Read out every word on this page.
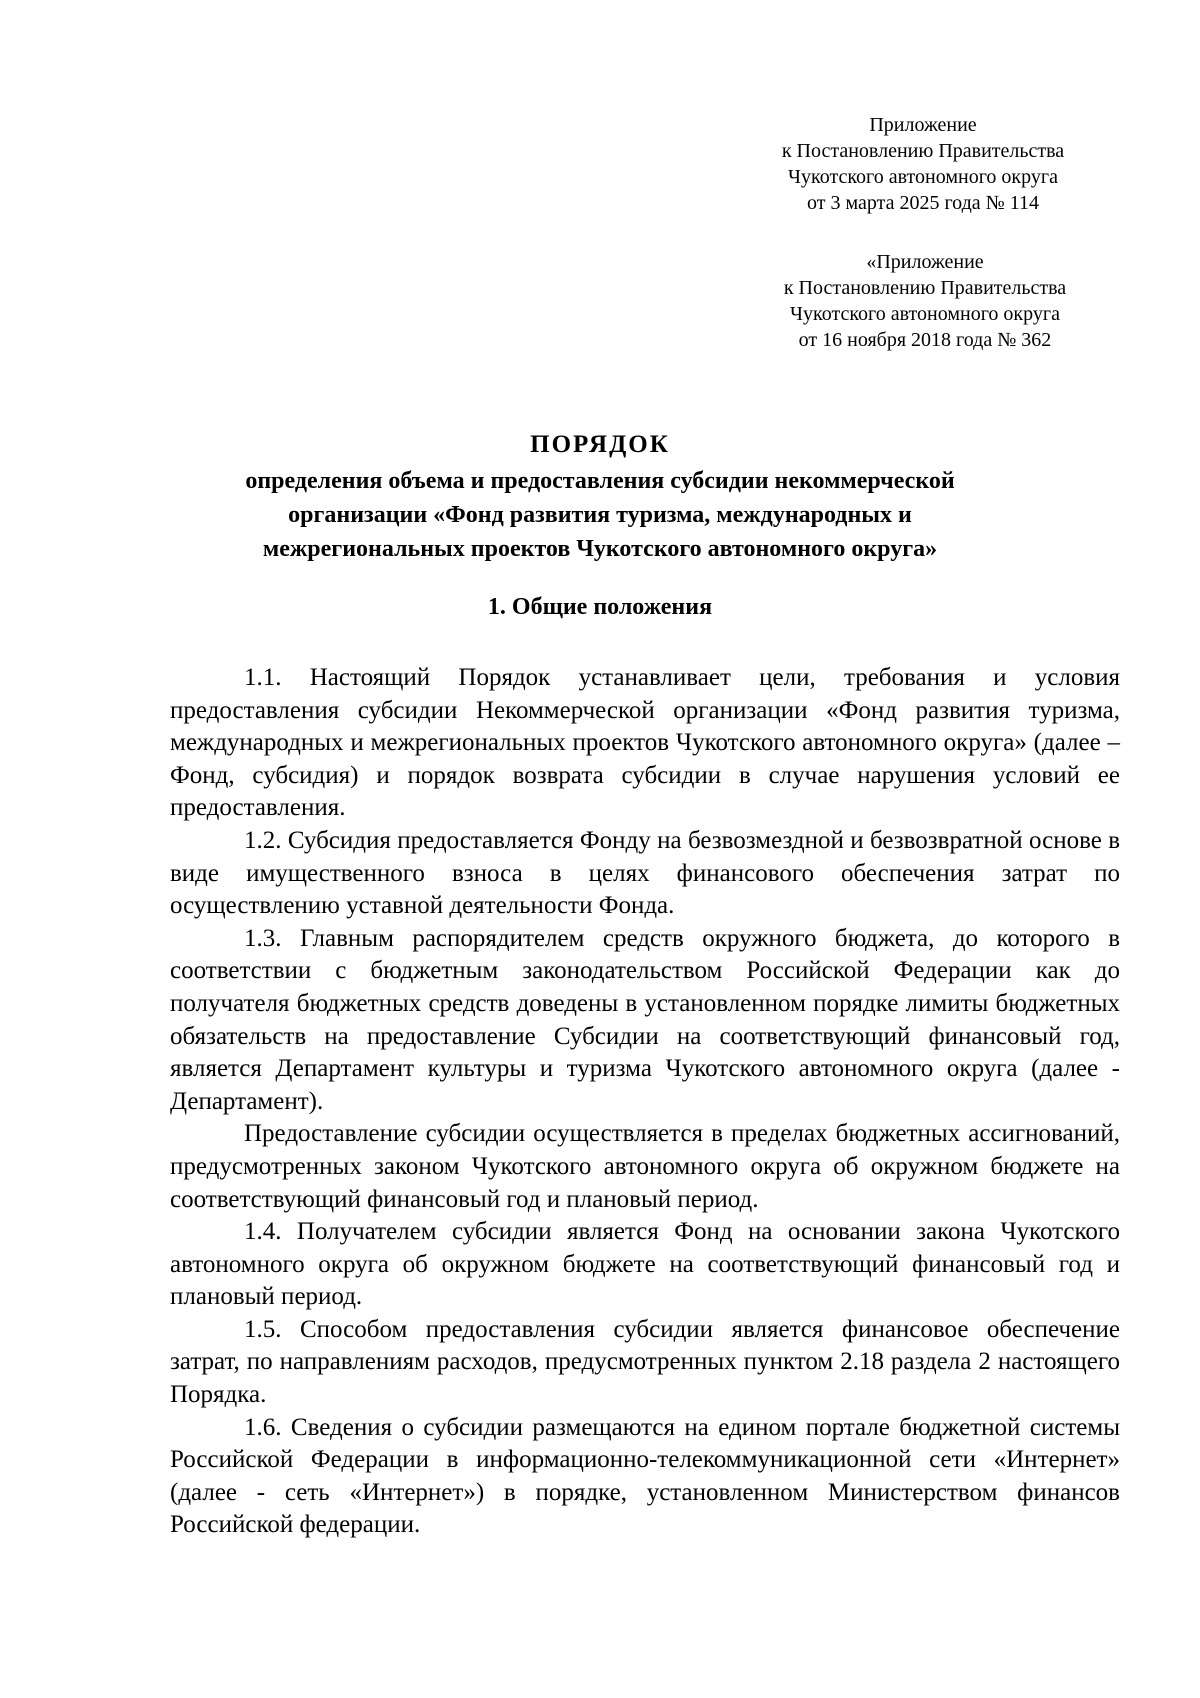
Приложение
к Постановлению Правительства
Чукотского автономного округа
от 3 марта 2025 года № 114
«Приложение
к Постановлению Правительства
Чукотского автономного округа
от 16 ноября 2018 года № 362
ПОРЯДОК
определения объема и предоставления субсидии некоммерческой
организации «Фонд развития туризма, международных и
межрегиональных проектов Чукотского автономного округа»
1. Общие положения

1.1. Настоящий Порядок устанавливает цели, требования и условия предоставления субсидии Некоммерческой организации «Фонд развития туризма, международных и межрегиональных проектов Чукотского автономного округа» (далее – Фонд, субсидия) и порядок возврата субсидии в случае нарушения условий ее предоставления.

1.2. Субсидия предоставляется Фонду на безвозмездной и безвозвратной основе в виде имущественного взноса в целях финансового обеспечения затрат по осуществлению уставной деятельности Фонда.

1.3. Главным распорядителем средств окружного бюджета, до которого в соответствии с бюджетным законодательством Российской Федерации как до получателя бюджетных средств доведены в установленном порядке лимиты бюджетных обязательств на предоставление Субсидии на соответствующий финансовый год, является Департамент культуры и туризма Чукотского автономного округа (далее - Департамент).

Предоставление субсидии осуществляется в пределах бюджетных ассигнований, предусмотренных законом Чукотского автономного округа об окружном бюджете на соответствующий финансовый год и плановый период.

1.4. Получателем субсидии является Фонд на основании закона Чукотского автономного округа об окружном бюджете на соответствующий финансовый год и плановый период.

1.5. Способом предоставления субсидии является финансовое обеспечение затрат, по направлениям расходов, предусмотренных пунктом 2.18 раздела 2 настоящего Порядка.

1.6. Сведения о субсидии размещаются на едином портале бюджетной системы Российской Федерации в информационно-телекоммуникационной сети «Интернет» (далее - сеть «Интернет») в порядке, установленном Министерством финансов Российской федерации.
